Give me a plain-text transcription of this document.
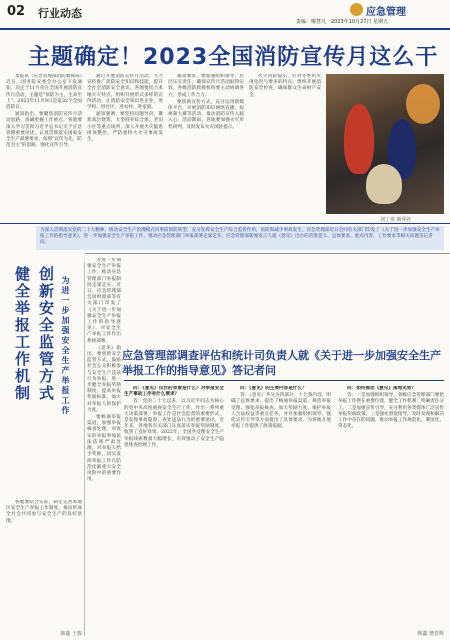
02 行业动态	应急管理
责编：曜慧凡　2023年10月27日 星期五
主题确定！2023全国消防宣传月这么干

本报讯（应急管理部消防救援局）近日，国务院安委会办公室下发通知，决定于11月份在全国开展消防宣传月活动，主题是"预防为主，生命至上"。2023年11月9日是第32个全国消防日。

通知指出，要聚焦消防宣传月活动思路，准确把握工作重点。各地要深入学习贯彻习近平总书记关于应急管理重要论述，认真贯彻落实国家安全生产部署要求，按照"宣传为先，防范为主"的思路，强化宣传引导。

通过开展消防宣传月活动，大力宣传推广消防安全知识和技能，提升全社会消防安全意识。各地要结合本地火灾特点，组织开展形式多样的宣传活动，让消防安全知识进企业、进学校、进社区、进农村、进家庭。

通知强调，要坚持问题导向，聚焦高层建筑、大型商业综合体、老旧小区等重点场所，深入开展火灾隐患排查整治，严防重特大火灾事故发生。

通知要求，要加强组织领导，层层压实责任，确保宣传月活动取得实效。各级消防救援机构要主动协调各方，形成工作合力。

要创新宣传方式，充分运用新媒体平台，开展消防知识网络直播、短视频大赛等活动，推动消防宣传入脑入心。活动期间，各地要加强火灾形势研判，及时发布火灾风险提示。

火灾风险提示，针对冬季用火用电用气增多的特点，组织开展消防安全检查，确保群众生命财产安全。

刘丁奕 新华社
为深入贯彻落实党的二十大精神，推动安全生产治理模式向事前预防转型，充分发挥安全生产综合监管作用，预防和减少事故发生。应急管理部近日会同有关部门印发了《关于进一步加强安全生产举报工作的指导意见》，进一步加强安全生产举报工作，推动应急管理部门举报部署走深走实。应急管理部新闻发言人就《意见》出台的背景意义、总体要求、重点内容、工作要求等相关问题答记者问。
为进一步加强安全生产举报工作
创新安全监管方式
健全举报工作机制

为进一步加强安全生产举报工作，推动应急管理部门举报制度走深走实，近日，应急管理部会同财政部等有关部门印发了《关于进一步加强安全生产举报工作的指导意见》，对安全生产举报工作作出系统部署。

《意见》指出，要创新安全监管方式，鼓励社会公众积极参与安全生产违法行为举报，进一步健全举报奖励制度，提高举报奖励标准，加大对举报人的保护力度。

要畅通举报渠道，加强举报核查处理，对查实的举报事项依法依规严肃处理，对举报人给予奖励，切实发挥举报工作在防范化解重大安全风险中的重要作用。

各地要结合实际，制定完善本地区安全生产举报工作制度，推动形成全社会共同参与安全生产的良好氛围。

韩鑫 王栋
应急管理部调查评估和统计司负责人就《关于进一步加强安全生产举报工作的指导意见》答记者问

问：《意见》出台的背景是什么？对举报安全生产事故工作有什么要求？

答：党的二十大以来，以习近平同志为核心的党中央高度重视安全生产工作，作出一系列重大决策部署。举报工作是社会监督的重要形式，是发现事故隐患、查处违法行为的重要途径。近年来，各地各有关部门认真落实举报奖励制度，收到了良好效果。2022年，全国共受理安全生产举报线索数量大幅增长，有效推动了安全生产隐患排查治理工作。

问：《意见》的主要内容是什么？

答：《意见》共分为四部分、十七条内容，明确了总体要求，提出了畅通举报渠道、规范举报受理、强化举报核查、加大奖励力度、保护举报人合法权益等重点任务，并对加强组织领导、强化宣传引导等方面提出了具体要求，为各地开展举报工作提供了政策依据。

问：如何推动《意见》落地见效？

答：一是加强组织领导，各级应急管理部门要把举报工作摆在重要位置，健全工作机制，明确责任分工。二是加强宣传引导，充分利用各类媒体广泛宣传举报奖励政策。三是强化督促指导，及时发现和解决工作中存在的问题，推动举报工作规范化、制度化、常态化。

韩鑫 增晋辉
